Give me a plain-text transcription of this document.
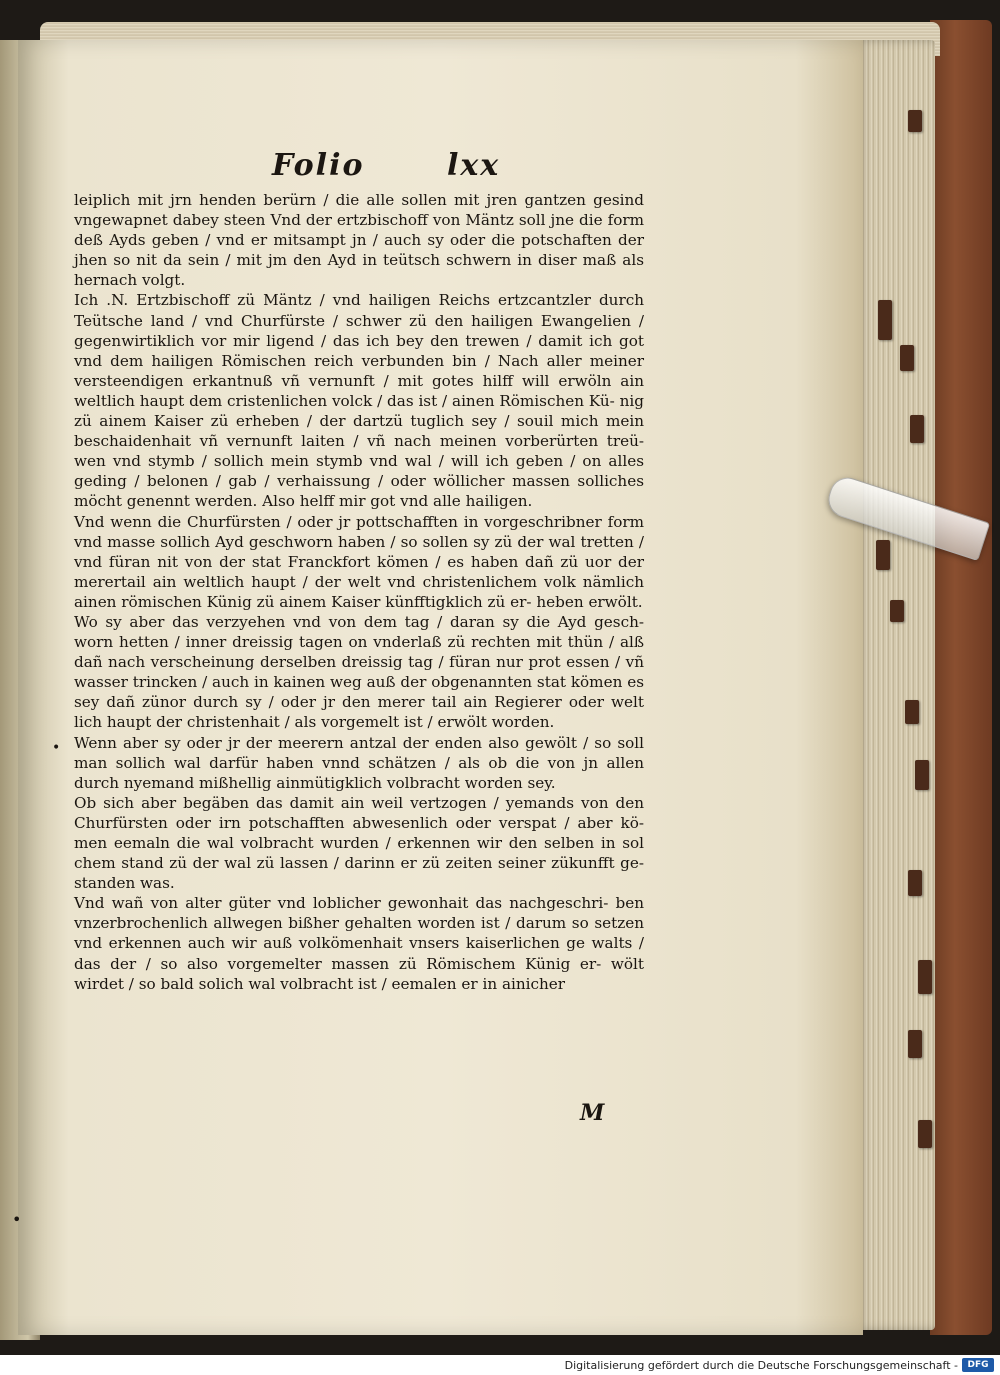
Folio	lxx

leiplich mit jrn henden berürn / die alle sollen mit jren gantzen gesind vngewapnet dabey steen Vnd der ertzbischoff von Mäntz soll jne die form deß Ayds geben / vnd er mitsampt jn / auch sy oder die potschaften der jhen so nit da sein / mit jm den Ayd in teütsch schwern in diser maß als hernach volgt.

Ich .N. Ertzbischoff zü Mäntz / vnd hailigen Reichs ertzcantzler durch Teütsche land / vnd Churfürste / schwer zü den hailigen Ewangelien / gegenwirtiklich vor mir ligend / das ich bey den trewen / damit ich got vnd dem hailigen Römischen reich verbunden bin / Nach aller meiner versteendigen erkantnuß vñ vernunft / mit gotes hilff will erwöln ain weltlich haupt dem cristenlichen volck / das ist / ainen Römischen Kü- nig zü ainem Kaiser zü erheben / der dartzü tuglich sey / souil mich mein beschaidenhait vñ vernunft laiten / vñ nach meinen vorberürten treü- wen vnd stymb / sollich mein stymb vnd wal / will ich geben / on alles geding / belonen / gab / verhaissung / oder wöllicher massen solliches möcht genennt werden. Also helff mir got vnd alle hailigen.

Vnd wenn die Churfürsten / oder jr pottschafften in vorgeschribner form vnd masse sollich Ayd geschworn haben / so sollen sy zü der wal tretten / vnd füran nit von der stat Franckfort kömen / es haben dañ zü uor der merertail ain weltlich haupt / der welt vnd christenlichem volk nämlich ainen römischen Künig zü ainem Kaiser künfftigklich zü er- heben erwölt.

Wo sy aber das verzyehen vnd von dem tag / daran sy die Ayd gesch- worn hetten / inner dreissig tagen on vnderlaß zü rechten mit thün / alß dañ nach verscheinung derselben dreissig tag / füran nur prot essen / vñ wasser trincken / auch in kainen weg auß der obgenannten stat kömen es sey dañ zünor durch sy / oder jr den merer tail ain Regierer oder welt lich haupt der christenhait / als vorgemelt ist / erwölt worden.

Wenn aber sy oder jr der meerern antzal der enden also gewölt / so soll man sollich wal darfür haben vnnd schätzen / als ob die von jn allen durch nyemand mißhellig ainmütigklich volbracht worden sey.

Ob sich aber begäben das damit ain weil vertzogen / yemands von den Churfürsten oder irn potschafften abwesenlich oder verspat / aber kö- men eemaln die wal volbracht wurden / erkennen wir den selben in sol chem stand zü der wal zü lassen / darinn er zü zeiten seiner zükunfft ge- standen was.

Vnd wañ von alter güter vnd loblicher gewonhait das nachgeschri- ben vnzerbrochenlich allwegen bißher gehalten worden ist / darum so setzen vnd erkennen auch wir auß volkömenhait vnsers kaiserlichen ge walts / das der / so also vorgemelter massen zü Römischem Künig er- wölt wirdet / so bald solich wal volbracht ist / eemalen er in ainicher

M
•
•
Digitalisierung gefördert durch die Deutsche Forschungsgemeinschaft -	DFG
